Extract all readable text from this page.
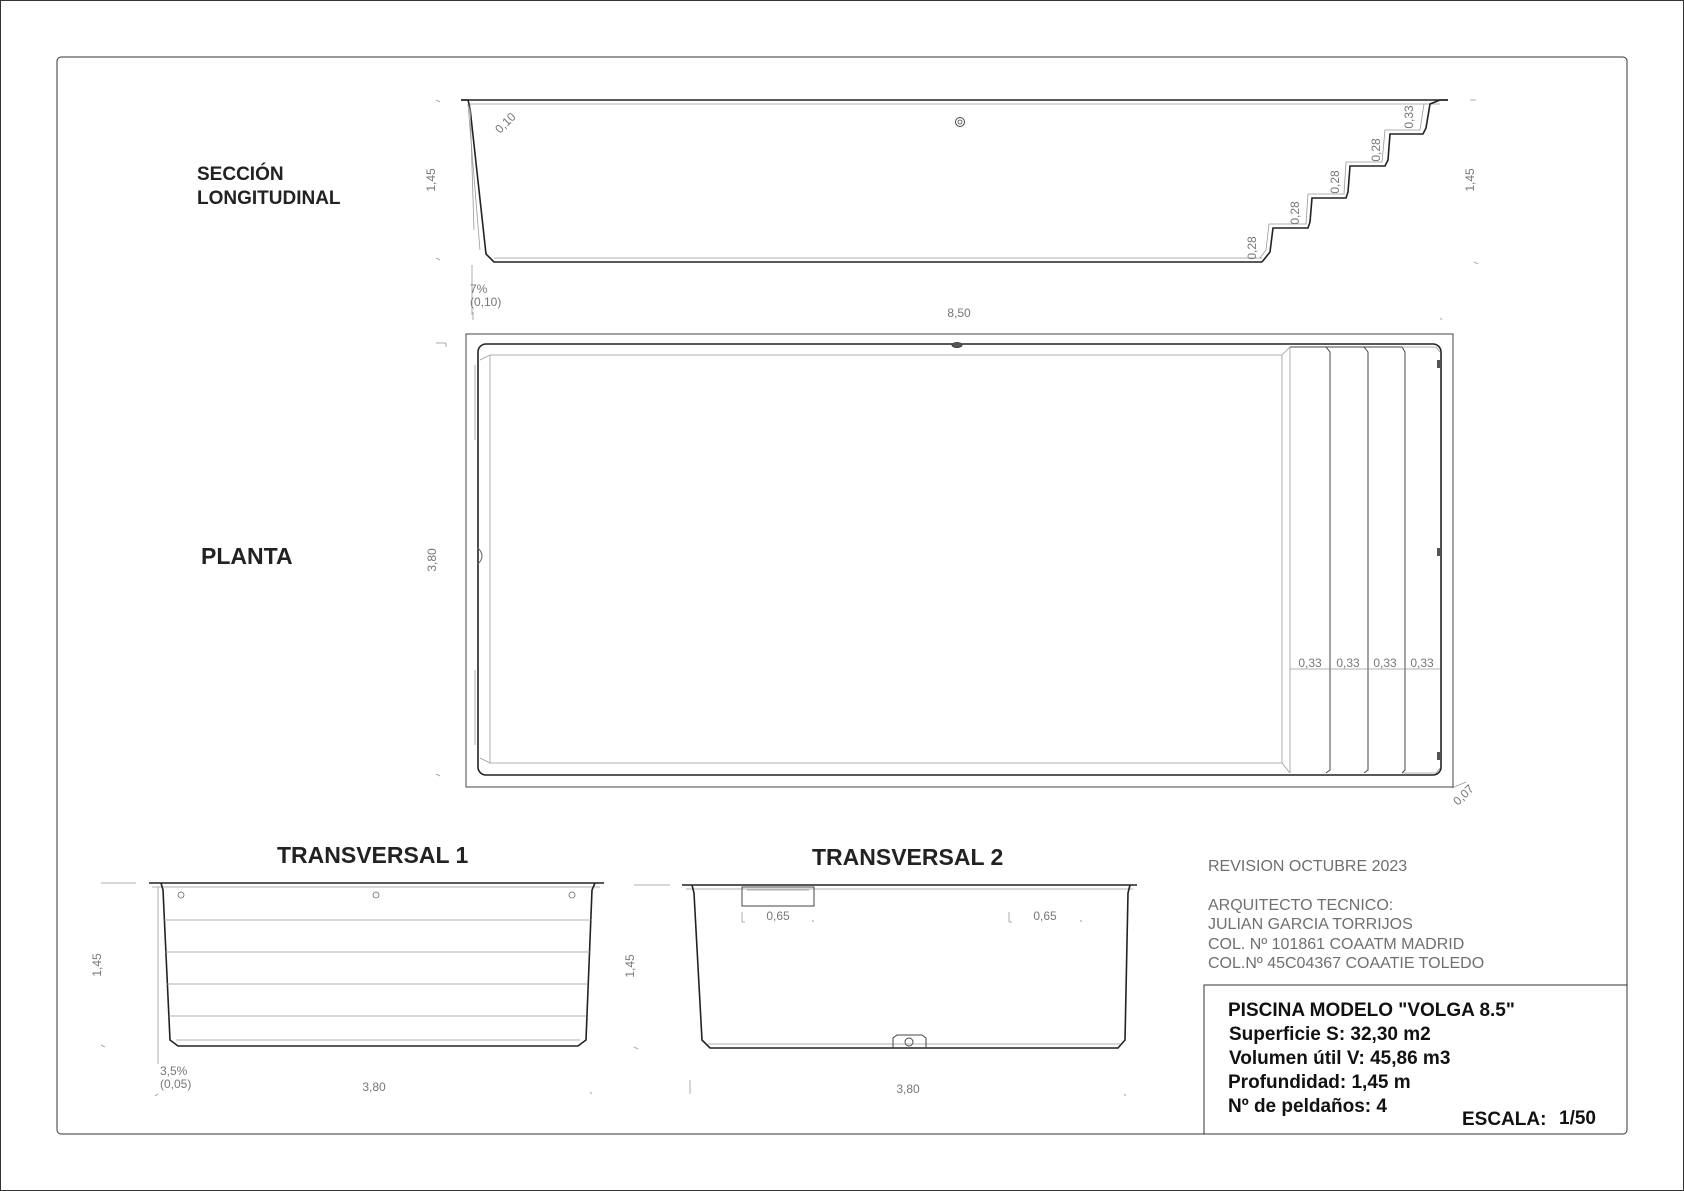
SECCIÓN
LONGITUDINAL
PLANTA
TRANSVERSAL 1	TRANSVERSAL 2
1,45	1,45
0,10
7%
(0,10)
8,50
0,28
0,28
0,28
0,28
0,33
3,80
0,33 0,33 0,33 0,33
0,07
1,45
3,5%
(0,05)	3,80
1,45
0,65	0,65
3,80
REVISION OCTUBRE 2023
ARQUITECTO TECNICO:
JULIAN GARCIA TORRIJOS
COL. Nº 101861 COAATM MADRID
COL.Nº 45C04367 COAATIE TOLEDO
PISCINA MODELO "VOLGA 8.5"
Superficie S: 32,30 m2
Volumen útil V: 45,86 m3
Profundidad: 1,45 m
Nº de peldaños: 4
ESCALA: 1/50
